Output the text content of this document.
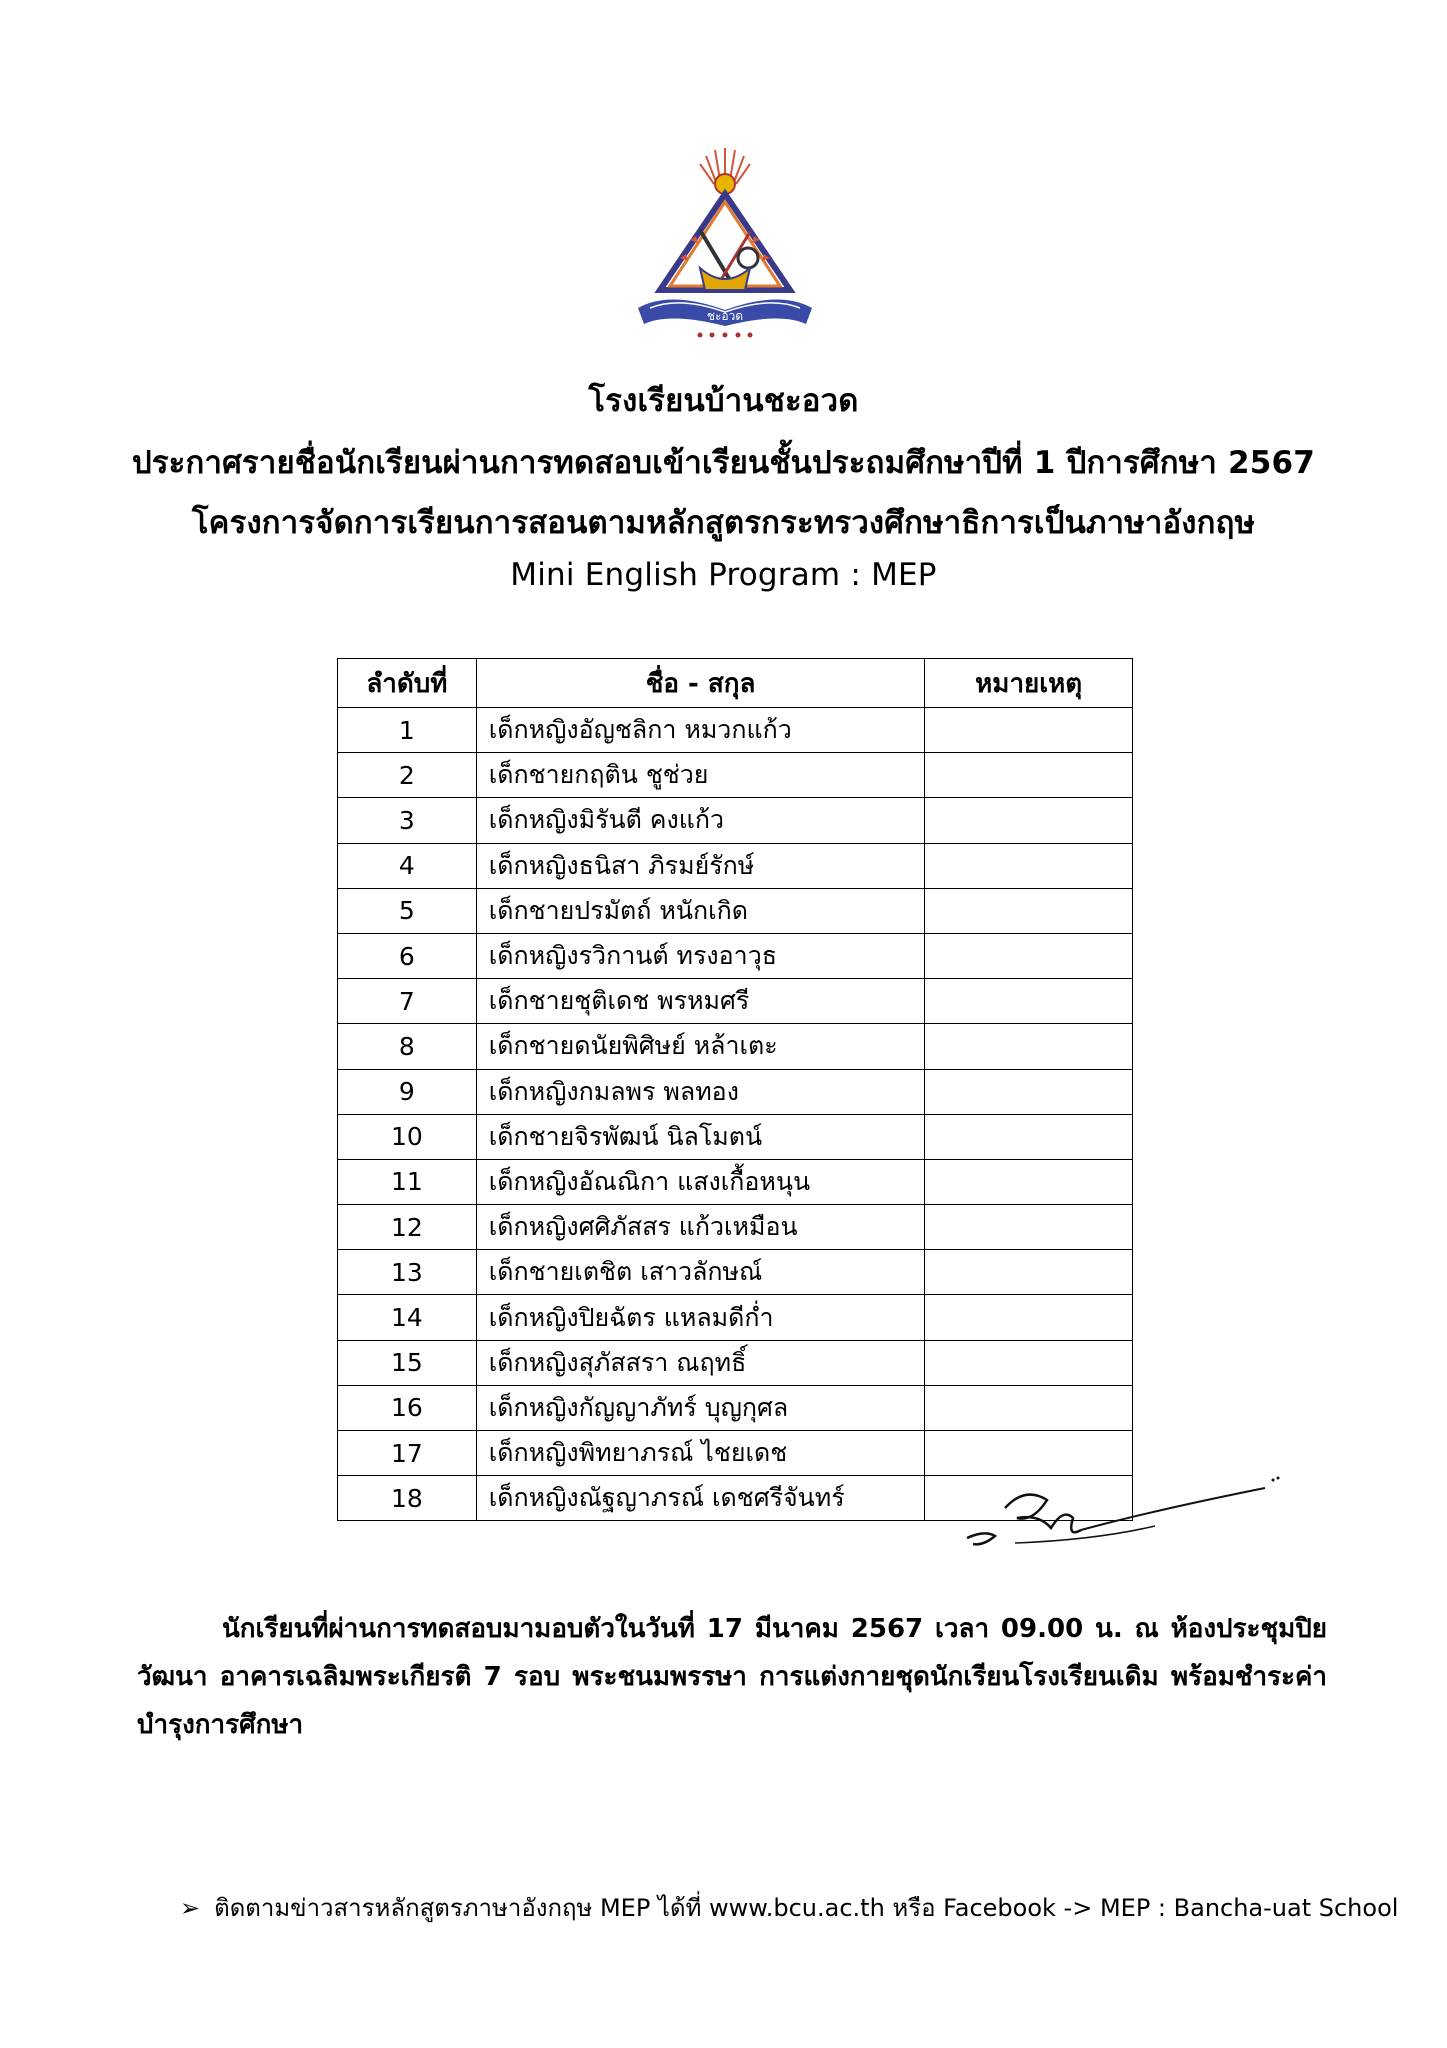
ชะอวด
โรงเรียนบ้านชะอวด
ประกาศรายชื่อนักเรียนผ่านการทดสอบเข้าเรียนชั้นประถมศึกษาปีที่ 1 ปีการศึกษา 2567
โครงการจัดการเรียนการสอนตามหลักสูตรกระทรวงศึกษาธิการเป็นภาษาอังกฤษ
Mini English Program : MEP
ลำดับที่	ชื่อ - สกุล	หมายเหตุ
1	เด็กหญิงอัญชลิกา หมวกแก้ว	
2	เด็กชายกฤติน ชูช่วย	
3	เด็กหญิงมิรันตี คงแก้ว	
4	เด็กหญิงธนิสา ภิรมย์รักษ์	
5	เด็กชายปรมัตถ์ หนักเกิด	
6	เด็กหญิงรวิกานต์ ทรงอาวุธ	
7	เด็กชายชุติเดช พรหมศรี	
8	เด็กชายดนัยพิศิษย์ หล้าเตะ	
9	เด็กหญิงกมลพร พลทอง	
10	เด็กชายจิรพัฒน์ นิลโมตน์	
11	เด็กหญิงอัณณิกา แสงเกื้อหนุน	
12	เด็กหญิงศศิภัสสร แก้วเหมือน	
13	เด็กชายเตชิต เสาวลักษณ์	
14	เด็กหญิงปิยฉัตร แหลมดีก่ำ	
15	เด็กหญิงสุภัสสรา ณฤทธิ์	
16	เด็กหญิงกัญญาภัทร์ บุญกุศล	
17	เด็กหญิงพิทยาภรณ์ ไชยเดช	
18	เด็กหญิงณัฐญาภรณ์ เดชศรีจันทร์	
นักเรียนที่ผ่านการทดสอบมามอบตัวในวันที่ 17 มีนาคม 2567 เวลา 09.00 น. ณ ห้องประชุมปิยวัฒนา อาคารเฉลิมพระเกียรติ 7 รอบ พระชนมพรรษา การแต่งกายชุดนักเรียนโรงเรียนเดิม พร้อมชำระค่าบำรุงการศึกษา
➢ ติดตามข่าวสารหลักสูตรภาษาอังกฤษ MEP ได้ที่ www.bcu.ac.th หรือ Facebook -> MEP : Bancha-uat School
